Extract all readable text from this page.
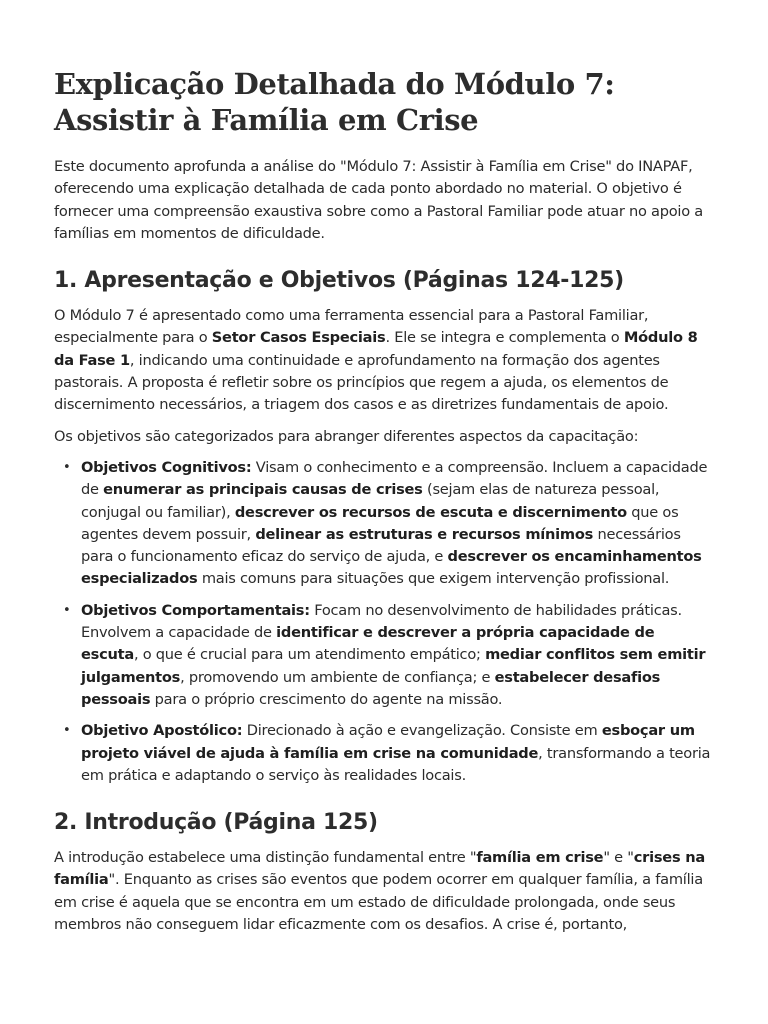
Explicação Detalhada do Módulo 7: Assistir à Família em Crise

Este documento aprofunda a análise do "Módulo 7: Assistir à Família em Crise" do INAPAF, oferecendo uma explicação detalhada de cada ponto abordado no material. O objetivo é fornecer uma compreensão exaustiva sobre como a Pastoral Familiar pode atuar no apoio a famílias em momentos de dificuldade.

1. Apresentação e Objetivos (Páginas 124-125)

O Módulo 7 é apresentado como uma ferramenta essencial para a Pastoral Familiar, especialmente para o Setor Casos Especiais. Ele se integra e complementa o Módulo 8 da Fase 1, indicando uma continuidade e aprofundamento na formação dos agentes pastorais. A proposta é refletir sobre os princípios que regem a ajuda, os elementos de discernimento necessários, a triagem dos casos e as diretrizes fundamentais de apoio.

Os objetivos são categorizados para abranger diferentes aspectos da capacitação:

• Objetivos Cognitivos: Visam o conhecimento e a compreensão. Incluem a capacidade de enumerar as principais causas de crises (sejam elas de natureza pessoal, conjugal ou familiar), descrever os recursos de escuta e discernimento que os agentes devem possuir, delinear as estruturas e recursos mínimos necessários para o funcionamento eficaz do serviço de ajuda, e descrever os encaminhamentos especializados mais comuns para situações que exigem intervenção profissional.
• Objetivos Comportamentais: Focam no desenvolvimento de habilidades práticas. Envolvem a capacidade de identificar e descrever a própria capacidade de escuta, o que é crucial para um atendimento empático; mediar conflitos sem emitir julgamentos, promovendo um ambiente de confiança; e estabelecer desafios pessoais para o próprio crescimento do agente na missão.
• Objetivo Apostólico: Direcionado à ação e evangelização. Consiste em esboçar um projeto viável de ajuda à família em crise na comunidade, transformando a teoria em prática e adaptando o serviço às realidades locais.
2. Introdução (Página 125)

A introdução estabelece uma distinção fundamental entre "família em crise" e "crises na família". Enquanto as crises são eventos que podem ocorrer em qualquer família, a família em crise é aquela que se encontra em um estado de dificuldade prolongada, onde seus membros não conseguem lidar eficazmente com os desafios. A crise é, portanto,
